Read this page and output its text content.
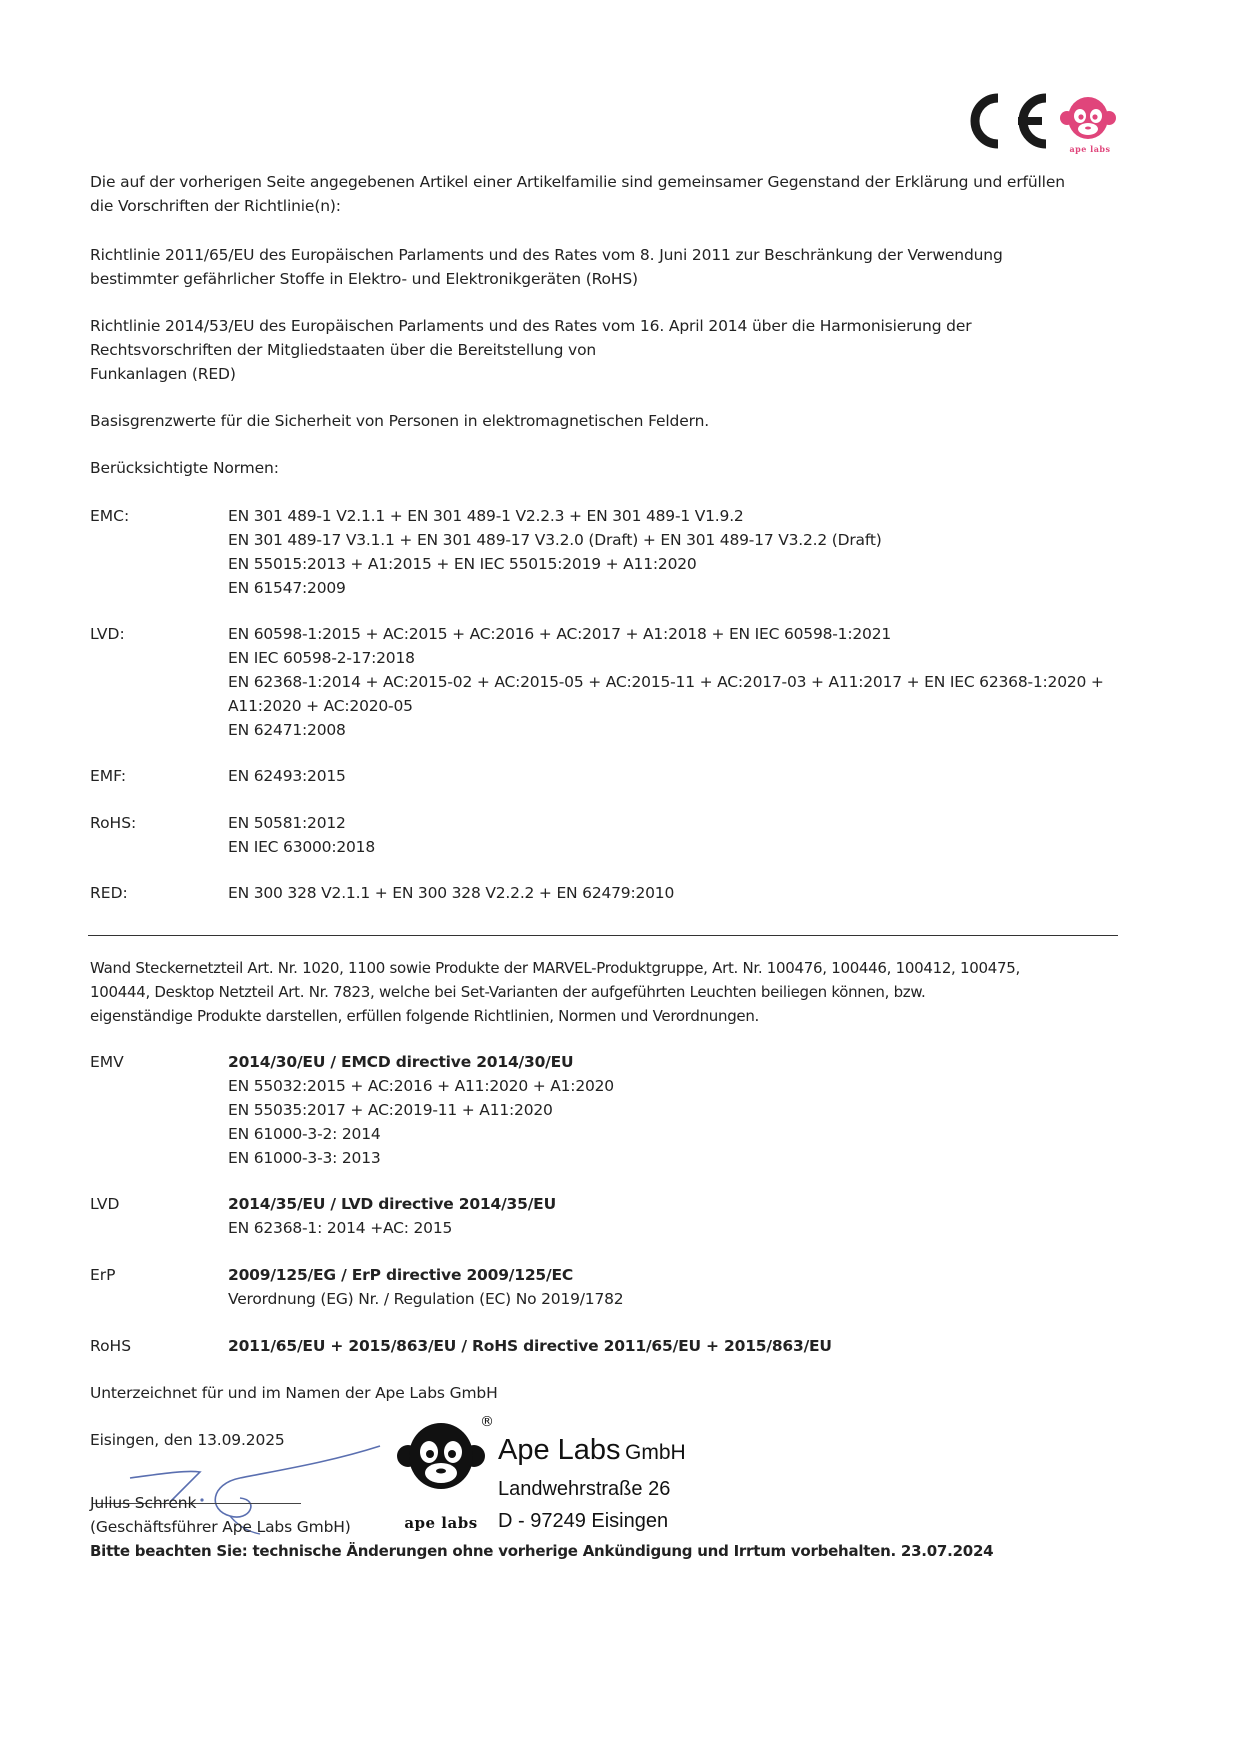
ape labs
Die auf der vorherigen Seite angegebenen Artikel einer Artikelfamilie sind gemeinsamer Gegenstand der Erklärung und erfüllen
die Vorschriften der Richtlinie(n):
Richtlinie 2011/65/EU des Europäischen Parlaments und des Rates vom 8. Juni 2011 zur Beschränkung der Verwendung
bestimmter gefährlicher Stoffe in Elektro- und Elektronikgeräten (RoHS)
Richtlinie 2014/53/EU des Europäischen Parlaments und des Rates vom 16. April 2014 über die Harmonisierung der
Rechtsvorschriften der Mitgliedstaaten über die Bereitstellung von
Funkanlagen (RED)
Basisgrenzwerte für die Sicherheit von Personen in elektromagnetischen Feldern.
Berücksichtigte Normen:
EMC:	EN 301 489-1 V2.1.1 + EN 301 489-1 V2.2.3 + EN 301 489-1 V1.9.2
EN 301 489-17 V3.1.1 + EN 301 489-17 V3.2.0 (Draft) + EN 301 489-17 V3.2.2 (Draft)
EN 55015:2013 + A1:2015 + EN IEC 55015:2019 + A11:2020
EN 61547:2009
LVD:	EN 60598-1:2015 + AC:2015 + AC:2016 + AC:2017 + A1:2018 + EN IEC 60598-1:2021
EN IEC 60598-2-17:2018
EN 62368-1:2014 + AC:2015-02 + AC:2015-05 + AC:2015-11 + AC:2017-03 + A11:2017 + EN IEC 62368-1:2020 +
A11:2020 + AC:2020-05
EN 62471:2008
EMF:	EN 62493:2015
RoHS:	EN 50581:2012
EN IEC 63000:2018
RED:	EN 300 328 V2.1.1 + EN 300 328 V2.2.2 + EN 62479:2010
Wand Steckernetzteil Art. Nr. 1020, 1100 sowie Produkte der MARVEL-Produktgruppe, Art. Nr. 100476, 100446, 100412, 100475,
100444, Desktop Netzteil Art. Nr. 7823, welche bei Set-Varianten der aufgeführten Leuchten beiliegen können, bzw.
eigenständige Produkte darstellen, erfüllen folgende Richtlinien, Normen und Verordnungen.
EMV	2014/30/EU / EMCD directive 2014/30/EU
EN 55032:2015 + AC:2016 + A11:2020 + A1:2020
EN 55035:2017 + AC:2019-11 + A11:2020
EN 61000-3-2: 2014
EN 61000-3-3: 2013
LVD	2014/35/EU / LVD directive 2014/35/EU
EN 62368-1: 2014 +AC: 2015
ErP	2009/125/EG / ErP directive 2009/125/EC
Verordnung (EG) Nr. / Regulation (EC) No 2019/1782
RoHS	2011/65/EU + 2015/863/EU / RoHS directive 2011/65/EU + 2015/863/EU
Unterzeichnet für und im Namen der Ape Labs GmbH
Eisingen, den 13.09.2025
Julius Schrenk
(Geschäftsführer Ape Labs GmbH)	ape labs
®
Ape Labs GmbH
Landwehrstraße 26
D - 97249 Eisingen
Bitte beachten Sie: technische Änderungen ohne vorherige Ankündigung und Irrtum vorbehalten. 23.07.2024
